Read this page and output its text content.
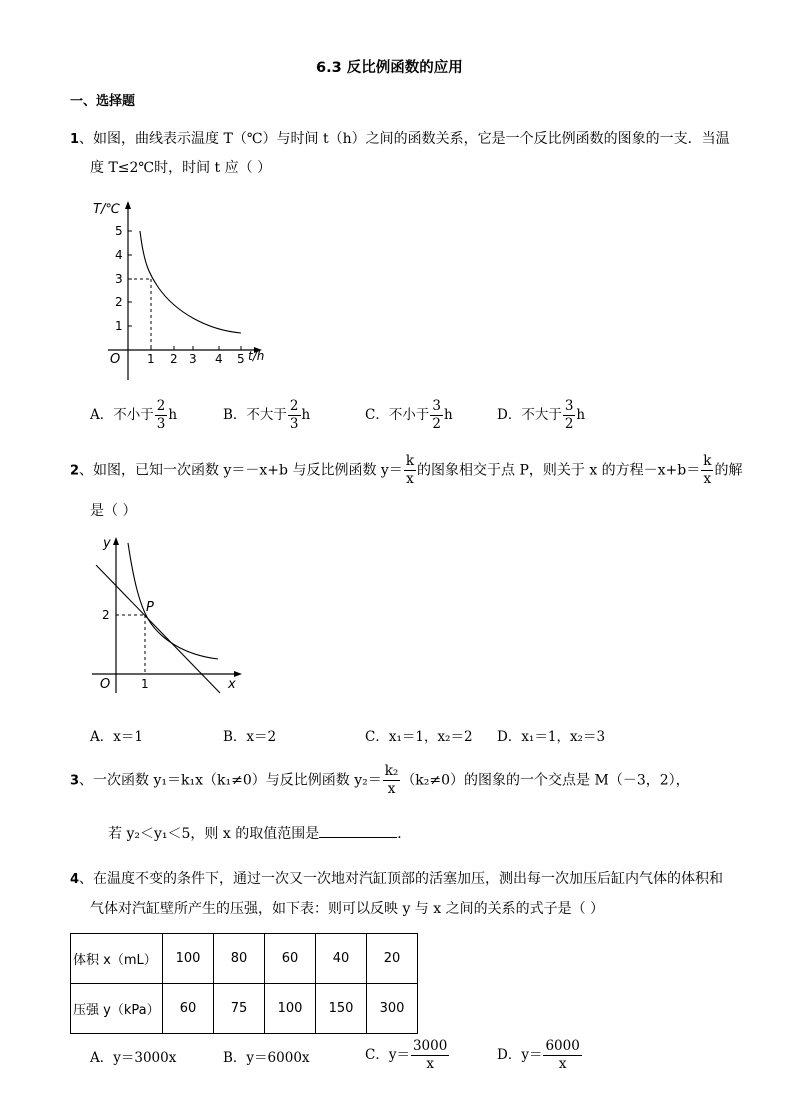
6.3 反比例函数的应用
一、选择题
1、如图，曲线表示温度 T（℃）与时间 t（h）之间的函数关系，它是一个反比例函数的图象的一支．当温
度 T≤2℃时，时间 t 应（ ）
T/℃
O	t/h
1
2
3
4
5
1 2 3 4 5
A．不小于 $\frac{2}{3}$ h	B．不大于 $\frac{2}{3}$ h	C．不小于 $\frac{3}{2}$ h	D．不大于 $\frac{3}{2}$ h
2、如图，已知一次函数 y＝－x+b 与反比例函数 $y= \frac{k}{x}$ 的图象相交于点 P，则关于 x 的方程$-x+b= \frac{k}{x}$ 的解
是（ ）
y
x
O
P
2
1
A．x＝1	B．x＝2	C．x₁＝1，x₂＝2 D．x₁＝1，x₂＝3
3、一次函数 y₁＝k₁x（k₁≠0）与反比例函数 $y_2= \frac{\text{k₂}}{x} (k_2\ne 0)$的图象的一个交点是 M（－3，2），
若 y₂＜y₁＜5，则 x 的取值范围是	．
4、在温度不变的条件下，通过一次又一次地对汽缸顶部的活塞加压，测出每一次加压后缸内气体的体积和
气体对汽缸壁所产生的压强，如下表：则可以反映 y 与 x 之间的关系的式子是（ ）
体积 x（mL）	100	80	60	40	20
压强 y（kPa）	60	75	100	150	300
A．y＝3000x	B．y＝6000x	C．$y= \frac{3000}{x}$	D．$y= \frac{6000}{x}$
